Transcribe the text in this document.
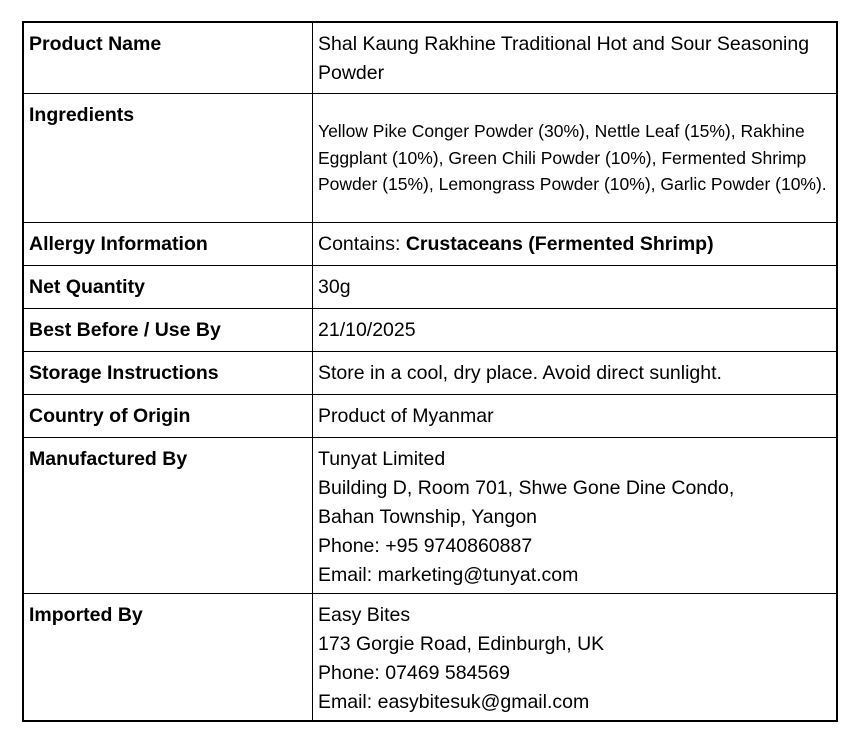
Product Name	Shal Kaung Rakhine Traditional Hot and Sour Seasoning Powder
Ingredients	Yellow Pike Conger Powder (30%), Nettle Leaf (15%), Rakhine Eggplant (10%), Green Chili Powder (10%), Fermented Shrimp Powder (15%), Lemongrass Powder (10%), Garlic Powder (10%).

Allergy Information	Contains: Crustaceans (Fermented Shrimp)
Net Quantity	30g
Best Before / Use By	21/10/2025
Storage Instructions	Store in a cool, dry place. Avoid direct sunlight.
Country of Origin	Product of Myanmar
Manufactured By	Tunyat Limited
Building D, Room 701, Shwe Gone Dine Condo,
Bahan Township, Yangon
Phone: +95 9740860887
Email: marketing@tunyat.com

Imported By	Easy Bites
173 Gorgie Road, Edinburgh, UK
Phone: 07469 584569
Email: easybitesuk@gmail.com
